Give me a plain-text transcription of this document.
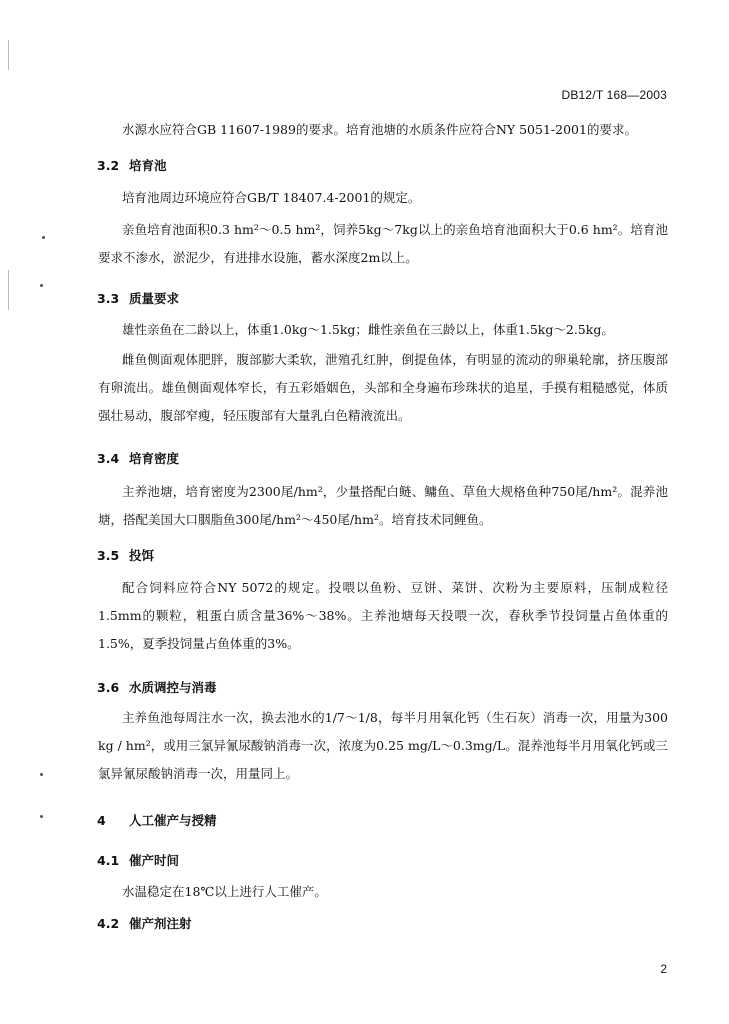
DB12/T 168—2003
水源水应符合GB 11607-1989的要求。培育池塘的水质条件应符合NY 5051-2001的要求。
3.2 培育池
培育池周边环境应符合GB/T 18407.4-2001的规定。
亲鱼培育池面积0.3 hm²～0.5 hm²，饲养5kg～7kg以上的亲鱼培育池面积大于0.6 hm²。培育池要求不渗水，淤泥少，有进排水设施，蓄水深度2m以上。
3.3 质量要求
雄性亲鱼在二龄以上，体重1.0kg～1.5kg；雌性亲鱼在三龄以上，体重1.5kg～2.5kg。
雌鱼侧面观体肥胖，腹部膨大柔软，泄殖孔红肿，倒提鱼体，有明显的流动的卵巢轮廓，挤压腹部有卵流出。雄鱼侧面观体窄长，有五彩婚姻色，头部和全身遍布珍珠状的追星，手摸有粗糙感觉，体质强壮易动，腹部窄瘦，轻压腹部有大量乳白色精液流出。
3.4 培育密度
主养池塘，培育密度为2300尾/hm²，少量搭配白鲢、鳙鱼、草鱼大规格鱼种750尾/hm²。混养池塘，搭配美国大口胭脂鱼300尾/hm²～450尾/hm²。培育技术同鲤鱼。
3.5 投饵
配合饲料应符合NY 5072的规定。投喂以鱼粉、豆饼、菜饼、次粉为主要原料，压制成粒径1.5mm的颗粒，粗蛋白质含量36%～38%。主养池塘每天投喂一次，春秋季节投饲量占鱼体重的1.5%，夏季投饲量占鱼体重的3%。
3.6 水质调控与消毒
主养鱼池每周注水一次，换去池水的1/7～1/8，每半月用氧化钙（生石灰）消毒一次，用量为300 kg / hm²，或用三氯异氰尿酸钠消毒一次，浓度为0.25 mg/L～0.3mg/L。混养池每半月用氧化钙或三氯异氰尿酸钠消毒一次，用量同上。
4 人工催产与授精
4.1 催产时间
水温稳定在18℃以上进行人工催产。
4.2 催产剂注射
2
